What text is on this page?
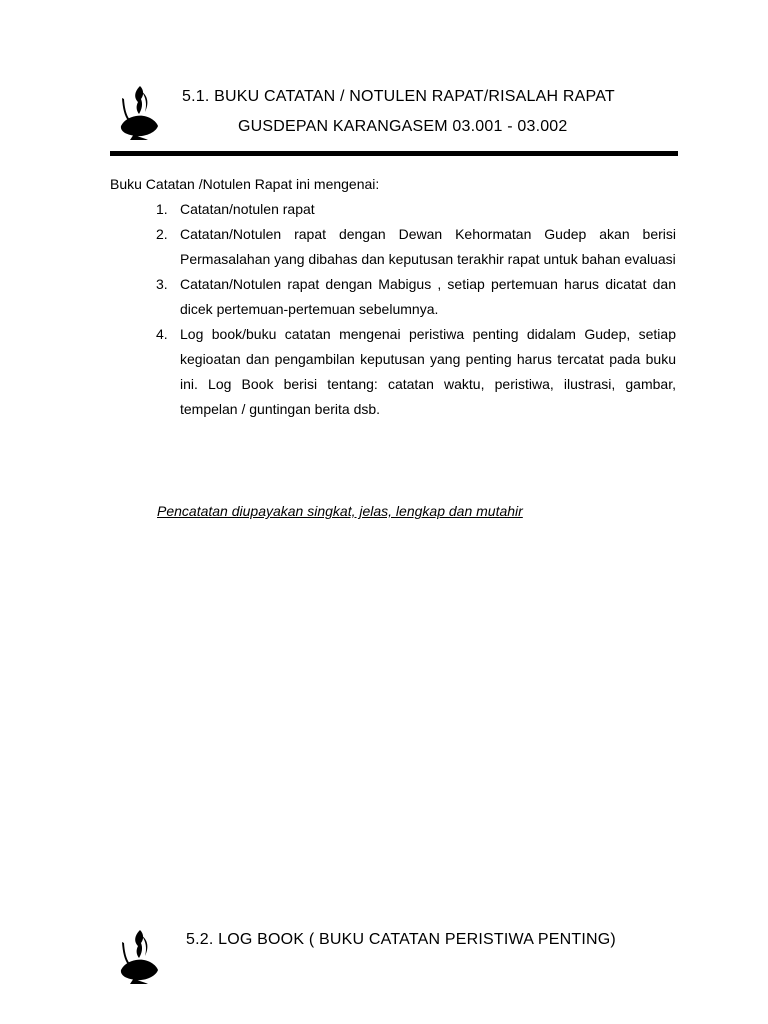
5.1. BUKU CATATAN / NOTULEN RAPAT/RISALAH RAPAT
GUSDEPAN KARANGASEM 03.001 - 03.002
Buku Catatan /Notulen Rapat ini mengenai:
1. Catatan/notulen rapat
2. Catatan/Notulen rapat dengan Dewan Kehormatan Gudep akan berisi Permasalahan yang dibahas dan keputusan terakhir rapat untuk bahan evaluasi
3. Catatan/Notulen rapat dengan Mabigus , setiap pertemuan harus dicatat dan dicek pertemuan-pertemuan sebelumnya.
4. Log book/buku catatan mengenai peristiwa penting didalam Gudep, setiap kegioatan dan pengambilan keputusan yang penting harus tercatat pada buku ini. Log Book berisi tentang: catatan waktu, peristiwa, ilustrasi, gambar, tempelan / guntingan berita dsb.
Pencatatan diupayakan singkat, jelas, lengkap dan mutahir
5.2. LOG BOOK ( BUKU CATATAN PERISTIWA PENTING)
